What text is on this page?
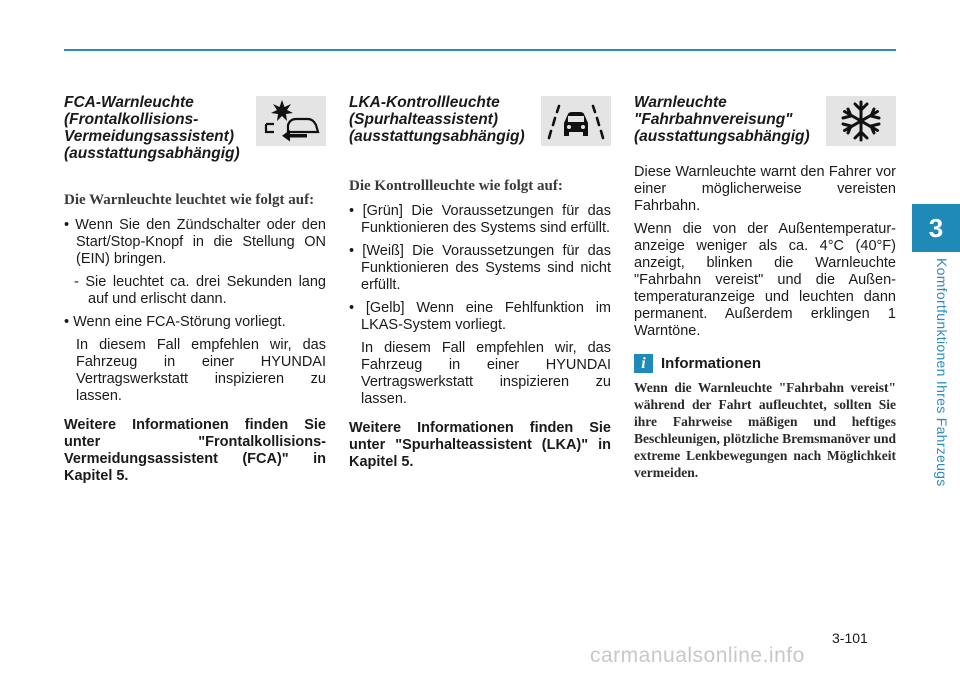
3
Komfortfunktionen Ihres Fahrzeugs
FCA-Warnleuchte (Frontalkollisions-Vermeidungsassistent) (ausstattungsabhängig)
Die Warnleuchte leuchtet wie folgt auf:

• Wenn Sie den Zündschalter oder den Start/Stop-Knopf in die Stellung ON (EIN) bringen.

- Sie leuchtet ca. drei Sekunden lang auf und erlischt dann.

• Wenn eine FCA-Störung vorliegt.

In diesem Fall empfehlen wir, das Fahrzeug in einer HYUNDAI Vertragswerkstatt inspizieren zu lassen.

Weitere Informationen finden Sie unter "Frontalkollisions-Vermeidungsassistent (FCA)" in Kapitel 5.

LKA-Kontrollleuchte (Spurhalteassistent) (ausstattungsabhängig)
Die Kontrollleuchte wie folgt auf:

• [Grün] Die Voraussetzungen für das Funktionieren des Systems sind erfüllt.

• [Weiß] Die Voraussetzungen für das Funktionieren des Systems sind nicht erfüllt.

• [Gelb] Wenn eine Fehlfunktion im LKAS-System vorliegt.

In diesem Fall empfehlen wir, das Fahrzeug in einer HYUNDAI Vertragswerkstatt inspizieren zu lassen.

Weitere Informationen finden Sie unter "Spurhalteassistent (LKA)" in Kapitel 5.

Warnleuchte "Fahrbahnvereisung" (ausstattungsabhängig)

Diese Warnleuchte warnt den Fahrer vor einer möglicherweise vereisten Fahrbahn.

Wenn die von der Außentemperatur-anzeige weniger als ca. 4°C (40°F) anzeigt, blinken die Warnleuchte "Fahrbahn vereist" und die Außen-temperaturanzeige und leuchten dann permanent. Außerdem erklingen 1 Warntöne.

i	Informationen
Wenn die Warnleuchte "Fahrbahn vereist" während der Fahrt aufleuchtet, sollten Sie ihre Fahrweise mäßigen und heftiges Beschleunigen, plötzliche Bremsmanöver und extreme Lenkbewegungen nach Möglichkeit vermeiden.
3-101
carmanualsonline.info
